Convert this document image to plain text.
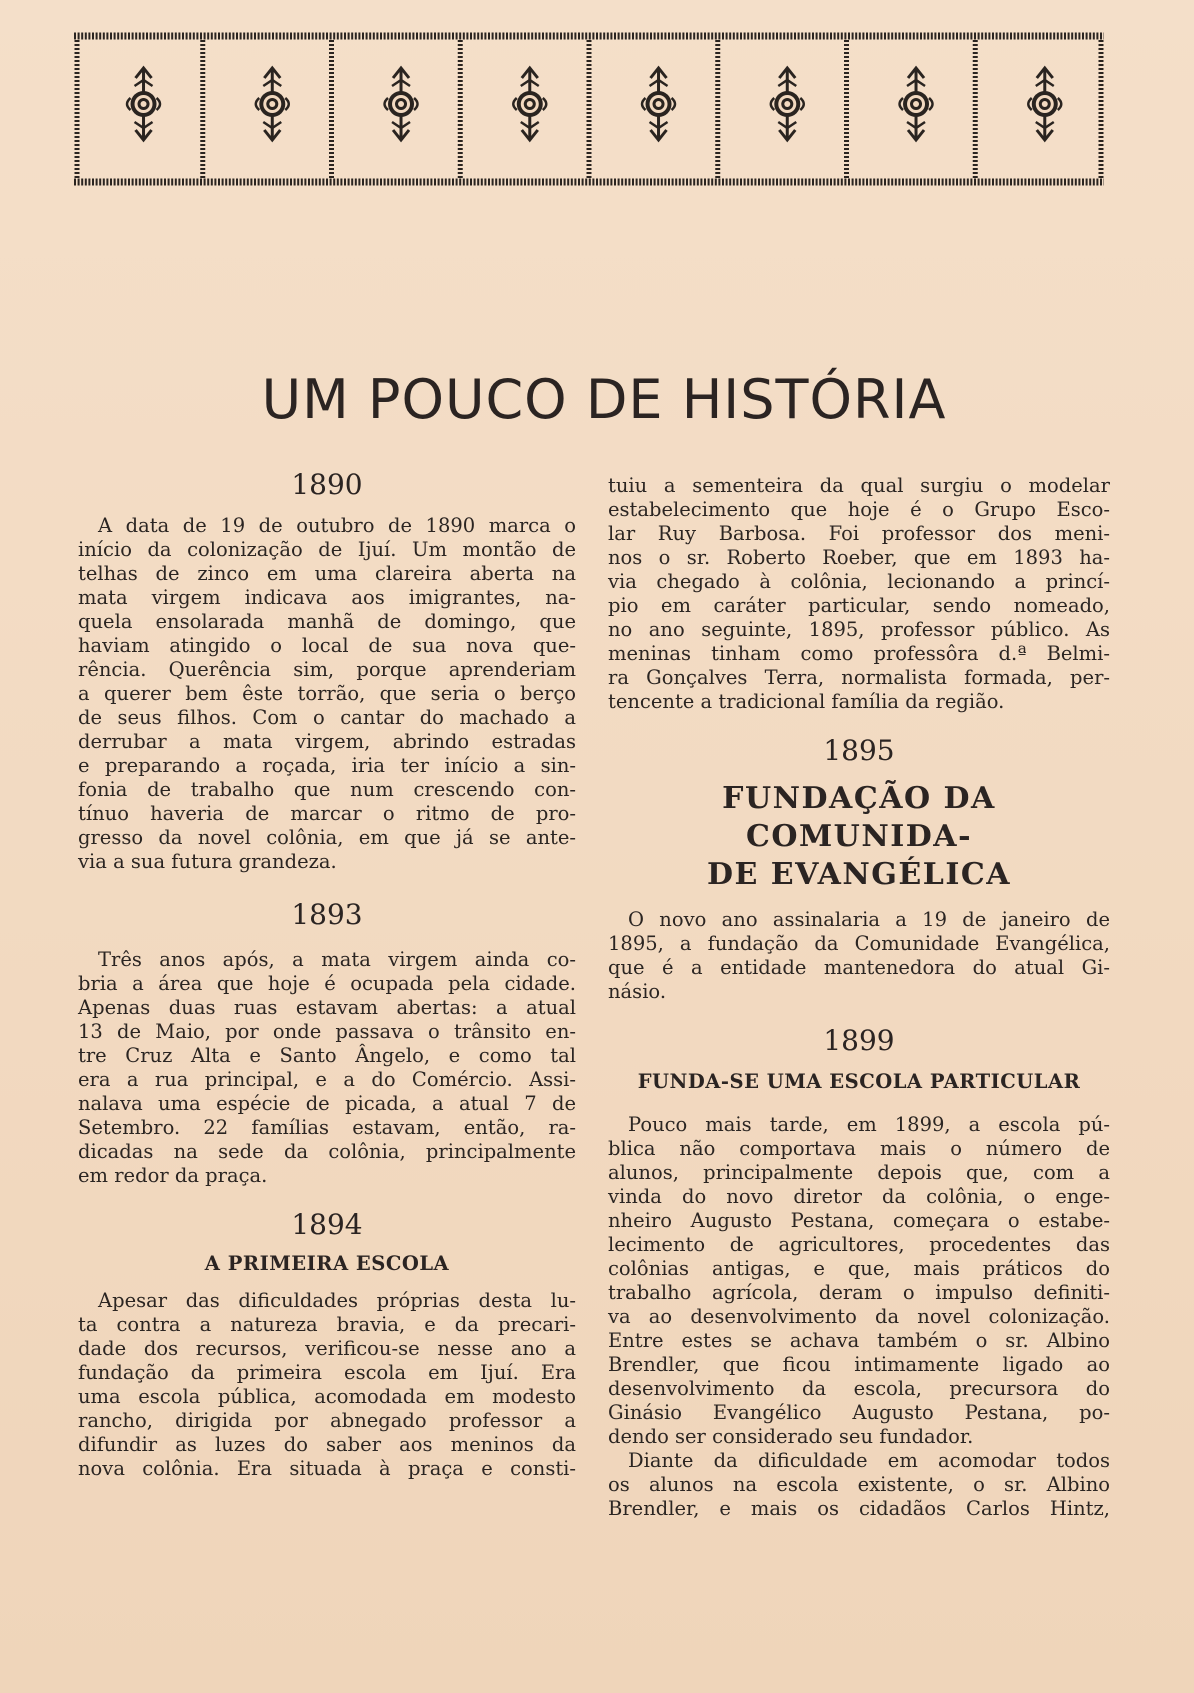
UM POUCO DE HISTÓRIA
1890

A data de 19 de outubro de 1890 marca o
início da colonização de Ijuí. Um montão de
telhas de zinco em uma clareira aberta na
mata virgem indicava aos imigrantes, na-
quela ensolarada manhã de domingo, que
haviam atingido o local de sua nova que-
rência. Querência sim, porque aprenderiam
a querer bem êste torrão, que seria o berço
de seus filhos. Com o cantar do machado a
derrubar a mata virgem, abrindo estradas
e preparando a roçada, iria ter início a sin-
fonia de trabalho que num crescendo con-
tínuo haveria de marcar o ritmo de pro-
gresso da novel colônia, em que já se ante-
via a sua futura grandeza.

1893

Três anos após, a mata virgem ainda co-
bria a área que hoje é ocupada pela cidade.
Apenas duas ruas estavam abertas: a atual
13 de Maio, por onde passava o trânsito en-
tre Cruz Alta e Santo Ângelo, e como tal
era a rua principal, e a do Comércio. Assi-
nalava uma espécie de picada, a atual 7 de
Setembro. 22 famílias estavam, então, ra-
dicadas na sede da colônia, principalmente
em redor da praça.

1894
A PRIMEIRA ESCOLA

Apesar das dificuldades próprias desta lu-
ta contra a natureza bravia, e da precari-
dade dos recursos, verificou-se nesse ano a
fundação da primeira escola em Ijuí. Era
uma escola pública, acomodada em modesto
rancho, dirigida por abnegado professor a
difundir as luzes do saber aos meninos da
nova colônia. Era situada à praça e consti-

tuiu a sementeira da qual surgiu o modelar
estabelecimento que hoje é o Grupo Esco-
lar Ruy Barbosa. Foi professor dos meni-
nos o sr. Roberto Roeber, que em 1893 ha-
via chegado à colônia, lecionando a princí-
pio em caráter particular, sendo nomeado,
no ano seguinte, 1895, professor público. As
meninas tinham como professôra d.ª Belmi-
ra Gonçalves Terra, normalista formada, per-
tencente a tradicional família da região.

1895
FUNDAÇÃO DA COMUNIDA-
DE EVANGÉLICA

O novo ano assinalaria a 19 de janeiro de
1895, a fundação da Comunidade Evangélica,
que é a entidade mantenedora do atual Gi-
násio.

1899
FUNDA-SE UMA ESCOLA PARTICULAR

Pouco mais tarde, em 1899, a escola pú-
blica não comportava mais o número de
alunos, principalmente depois que, com a
vinda do novo diretor da colônia, o enge-
nheiro Augusto Pestana, começara o estabe-
lecimento de agricultores, procedentes das
colônias antigas, e que, mais práticos do
trabalho agrícola, deram o impulso definiti-
va ao desenvolvimento da novel colonização.
Entre estes se achava também o sr. Albino
Brendler, que ficou intimamente ligado ao
desenvolvimento da escola, precursora do
Ginásio Evangélico Augusto Pestana, po-
dendo ser considerado seu fundador.

Diante da dificuldade em acomodar todos
os alunos na escola existente, o sr. Albino
Brendler, e mais os cidadãos Carlos Hintz,
